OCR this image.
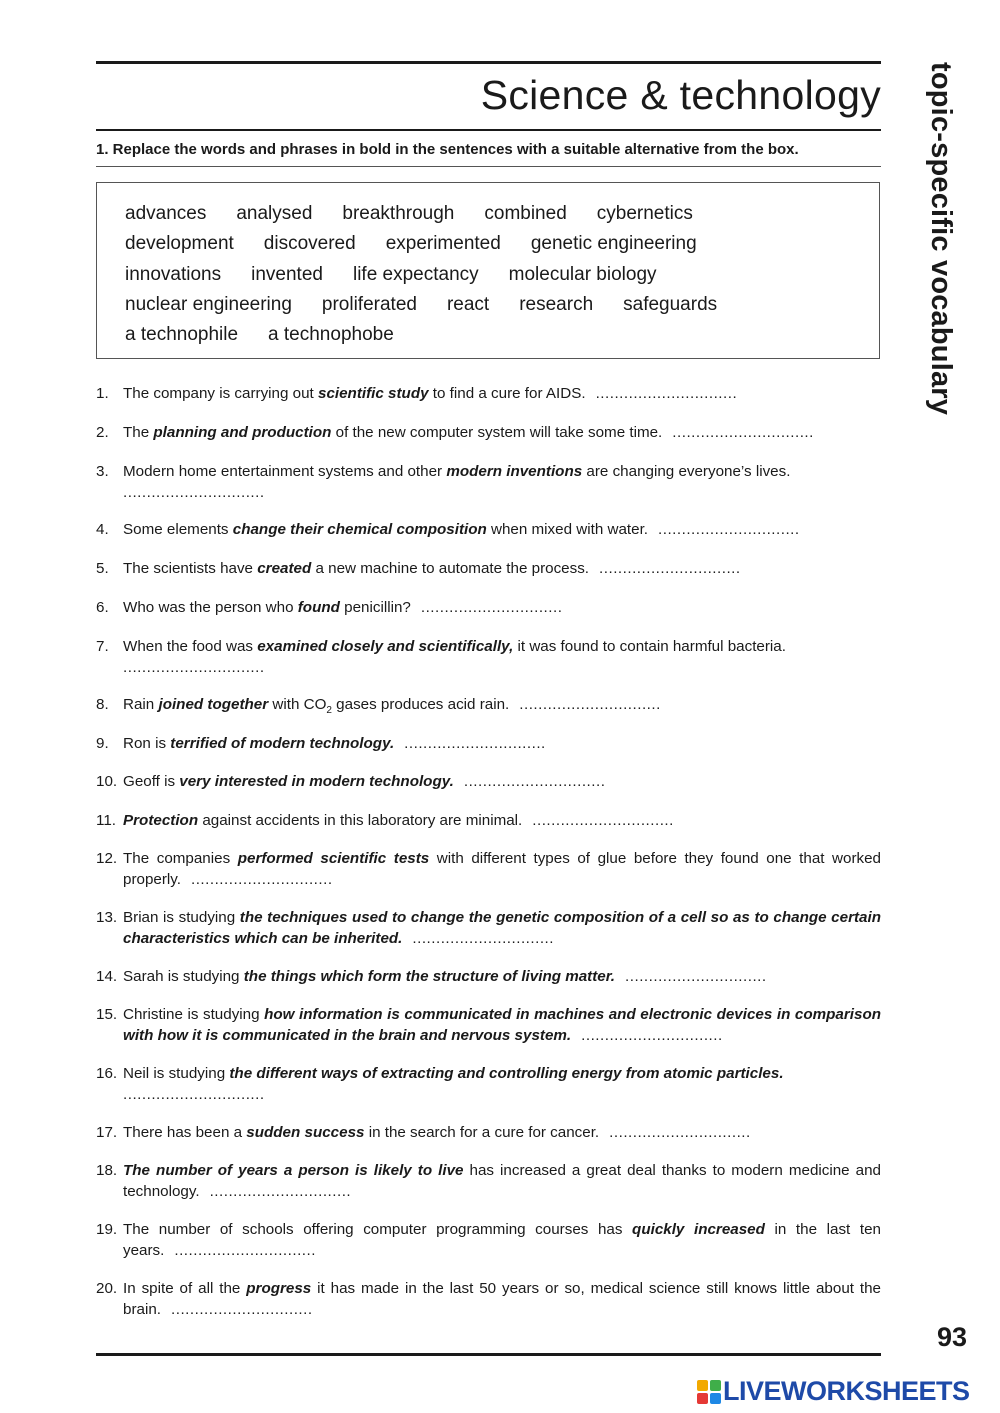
Science & technology

1. Replace the words and phrases in bold in the sentences with a suitable alternative from the box.

advances analysed breakthrough combined cybernetics
development discovered experimented genetic engineering
innovations invented life expectancy molecular biology
nuclear engineering proliferated react research safeguards
a technophile a technophobe
1. The company is carrying out scientific study to find a cure for AIDS. ..............................
2. The planning and production of the new computer system will take some time. ..............................
3. Modern home entertainment systems and other modern inventions are changing everyone’s lives.
..............................
4. Some elements change their chemical composition when mixed with water. ..............................
5. The scientists have created a new machine to automate the process. ..............................
6. Who was the person who found penicillin? ..............................
7. When the food was examined closely and scientifically, it was found to contain harmful bacteria.
..............................
8. Rain joined together with $CO_2$ gases produces acid rain. ..............................
9. Ron is terrified of modern technology. ..............................
10. Geoff is very interested in modern technology. ..............................
11. Protection against accidents in this laboratory are minimal. ..............................
12. The companies performed scientific tests with different types of glue before they found one that worked properly. ..............................
13. Brian is studying the techniques used to change the genetic composition of a cell so as to change certain characteristics which can be inherited. ..............................
14. Sarah is studying the things which form the structure of living matter. ..............................
15. Christine is studying how information is communicated in machines and electronic devices in comparison with how it is communicated in the brain and nervous system. ..............................
16. Neil is studying the different ways of extracting and controlling energy from atomic particles.
..............................
17. There has been a sudden success in the search for a cure for cancer. ..............................
18. The number of years a person is likely to live has increased a great deal thanks to modern medicine and technology. ..............................
19. The number of schools offering computer programming courses has quickly increased in the last ten years. ..............................
20. In spite of all the progress it has made in the last 50 years or so, medical science still knows little about the brain. ..............................
topic-specific vocabulary
93
LIVEWORKSHEETS
